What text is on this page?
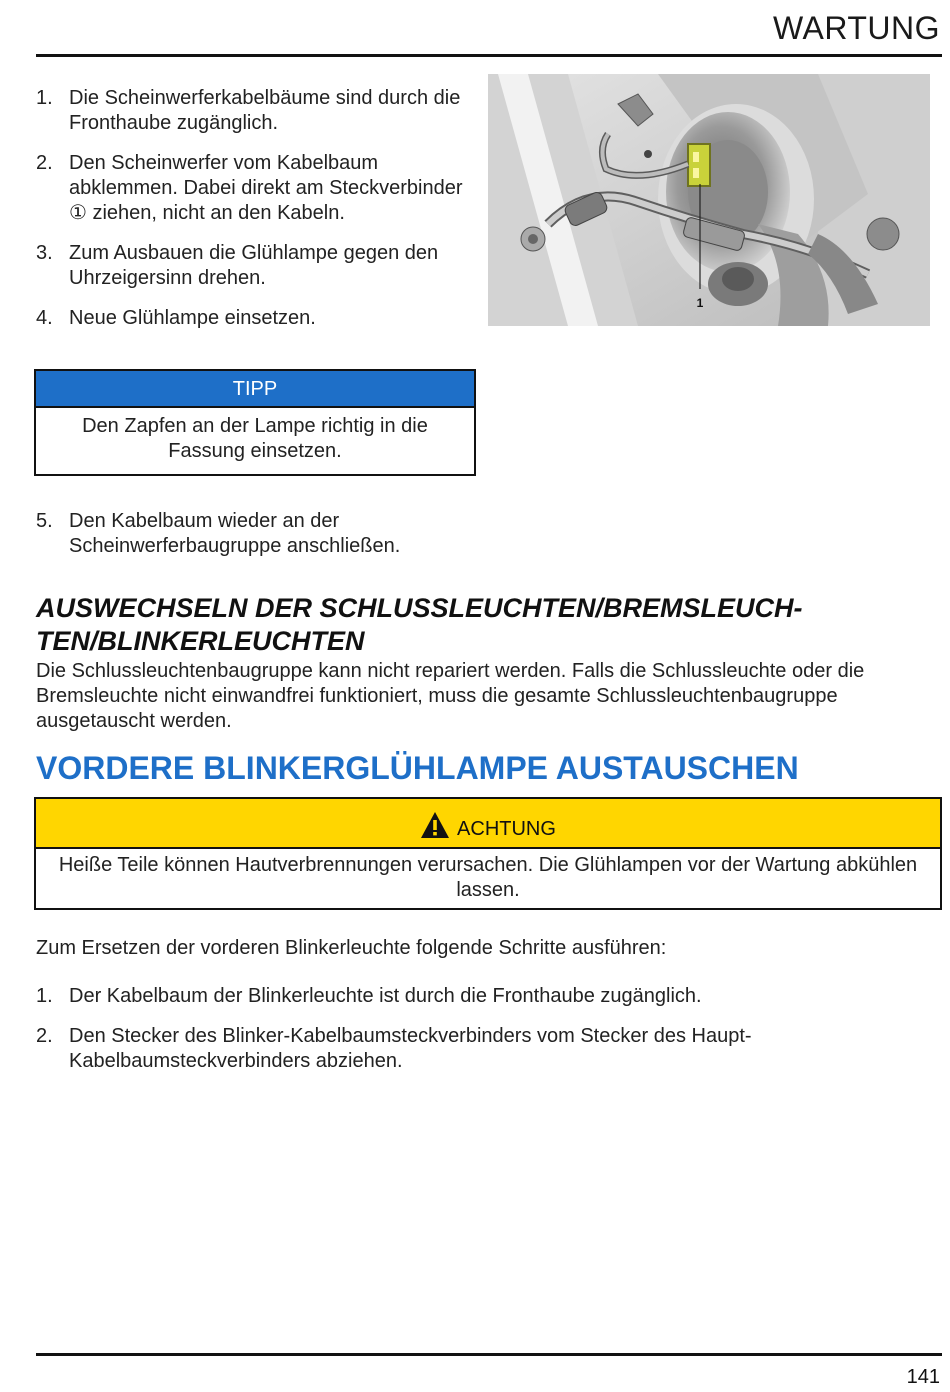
WARTUNG
1. Die Scheinwerferkabelbäume sind durch die Fronthaube zugänglich.
2. Den Scheinwerfer vom Kabelbaum abklemmen. Dabei direkt am Steckverbinder ① ziehen, nicht an den Kabeln.
3. Zum Ausbauen die Glühlampe gegen den Uhrzeigersinn drehen.
4. Neue Glühlampe einsetzen.
1
TIPP
Den Zapfen an der Lampe richtig in die Fassung einsetzen.
5. Den Kabelbaum wieder an der Scheinwerferbaugruppe anschließen.
AUSWECHSELN DER SCHLUSSLEUCHTEN/BREMSLEUCH-TEN/BLINKERLEUCHTEN

Die Schlussleuchtenbaugruppe kann nicht repariert werden. Falls die Schlussleuchte oder die Bremsleuchte nicht einwandfrei funktioniert, muss die gesamte Schlussleuchtenbaugruppe ausgetauscht werden.

VORDERE BLINKERGLÜHLAMPE AUSTAUSCHEN
ACHTUNG
Heiße Teile können Hautverbrennungen verursachen. Die Glühlampen vor der Wartung abkühlen lassen.

Zum Ersetzen der vorderen Blinkerleuchte folgende Schritte ausführen:

1. Der Kabelbaum der Blinkerleuchte ist durch die Fronthaube zugänglich.
2. Den Stecker des Blinker-Kabelbaumsteckverbinders vom Stecker des Haupt-Kabelbaumsteckverbinders abziehen.
141
